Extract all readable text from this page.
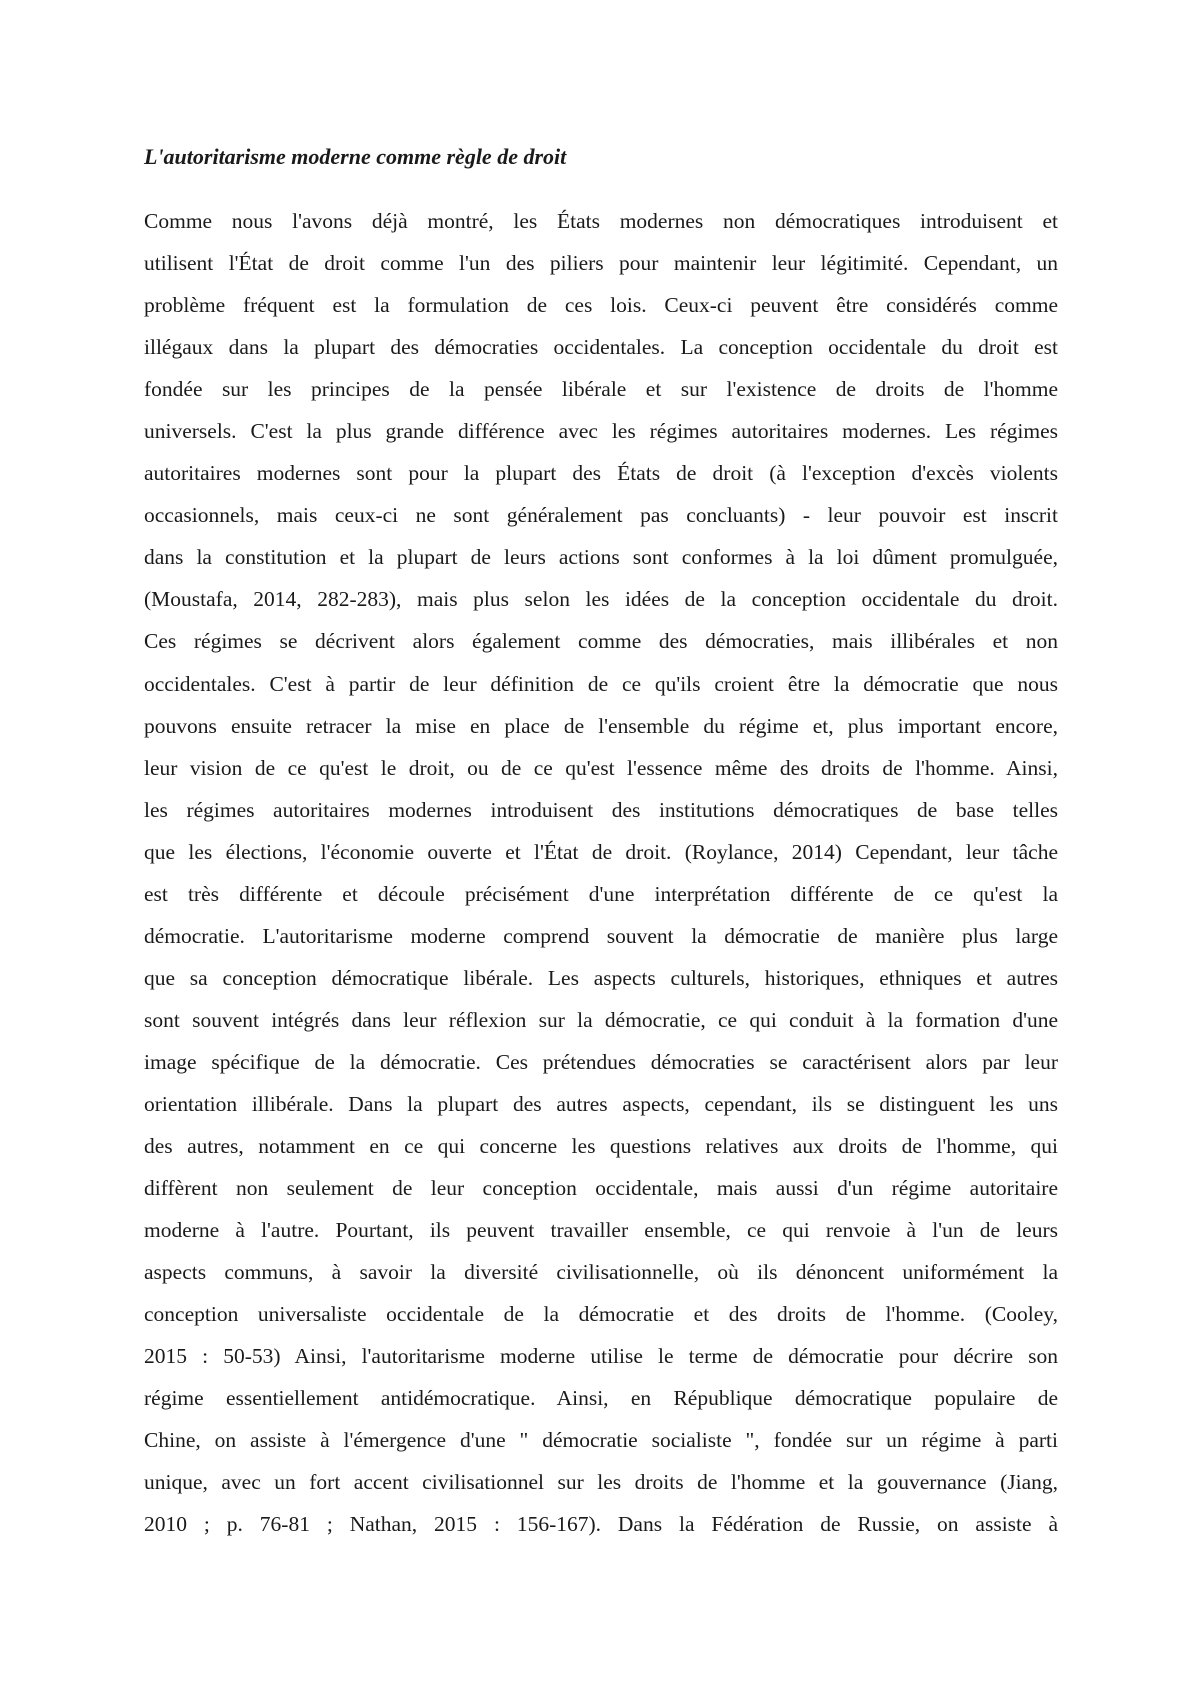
L'autoritarisme moderne comme règle de droit
Comme nous l'avons déjà montré, les États modernes non démocratiques introduisent et
utilisent l'État de droit comme l'un des piliers pour maintenir leur légitimité. Cependant, un
problème fréquent est la formulation de ces lois. Ceux-ci peuvent être considérés comme
illégaux dans la plupart des démocraties occidentales. La conception occidentale du droit est
fondée sur les principes de la pensée libérale et sur l'existence de droits de l'homme
universels. C'est la plus grande différence avec les régimes autoritaires modernes. Les régimes
autoritaires modernes sont pour la plupart des États de droit (à l'exception d'excès violents
occasionnels, mais ceux-ci ne sont généralement pas concluants) - leur pouvoir est inscrit
dans la constitution et la plupart de leurs actions sont conformes à la loi dûment promulguée,
(Moustafa, 2014, 282-283), mais plus selon les idées de la conception occidentale du droit.
Ces régimes se décrivent alors également comme des démocraties, mais illibérales et non
occidentales. C'est à partir de leur définition de ce qu'ils croient être la démocratie que nous
pouvons ensuite retracer la mise en place de l'ensemble du régime et, plus important encore,
leur vision de ce qu'est le droit, ou de ce qu'est l'essence même des droits de l'homme. Ainsi,
les régimes autoritaires modernes introduisent des institutions démocratiques de base telles
que les élections, l'économie ouverte et l'État de droit. (Roylance, 2014) Cependant, leur tâche
est très différente et découle précisément d'une interprétation différente de ce qu'est la
démocratie. L'autoritarisme moderne comprend souvent la démocratie de manière plus large
que sa conception démocratique libérale. Les aspects culturels, historiques, ethniques et autres
sont souvent intégrés dans leur réflexion sur la démocratie, ce qui conduit à la formation d'une
image spécifique de la démocratie. Ces prétendues démocraties se caractérisent alors par leur
orientation illibérale. Dans la plupart des autres aspects, cependant, ils se distinguent les uns
des autres, notamment en ce qui concerne les questions relatives aux droits de l'homme, qui
diffèrent non seulement de leur conception occidentale, mais aussi d'un régime autoritaire
moderne à l'autre. Pourtant, ils peuvent travailler ensemble, ce qui renvoie à l'un de leurs
aspects communs, à savoir la diversité civilisationnelle, où ils dénoncent uniformément la
conception universaliste occidentale de la démocratie et des droits de l'homme. (Cooley,
2015 : 50-53) Ainsi, l'autoritarisme moderne utilise le terme de démocratie pour décrire son
régime essentiellement antidémocratique. Ainsi, en République démocratique populaire de
Chine, on assiste à l'émergence d'une " démocratie socialiste ", fondée sur un régime à parti
unique, avec un fort accent civilisationnel sur les droits de l'homme et la gouvernance (Jiang,
2010 ; p. 76-81 ; Nathan, 2015 : 156-167). Dans la Fédération de Russie, on assiste à
